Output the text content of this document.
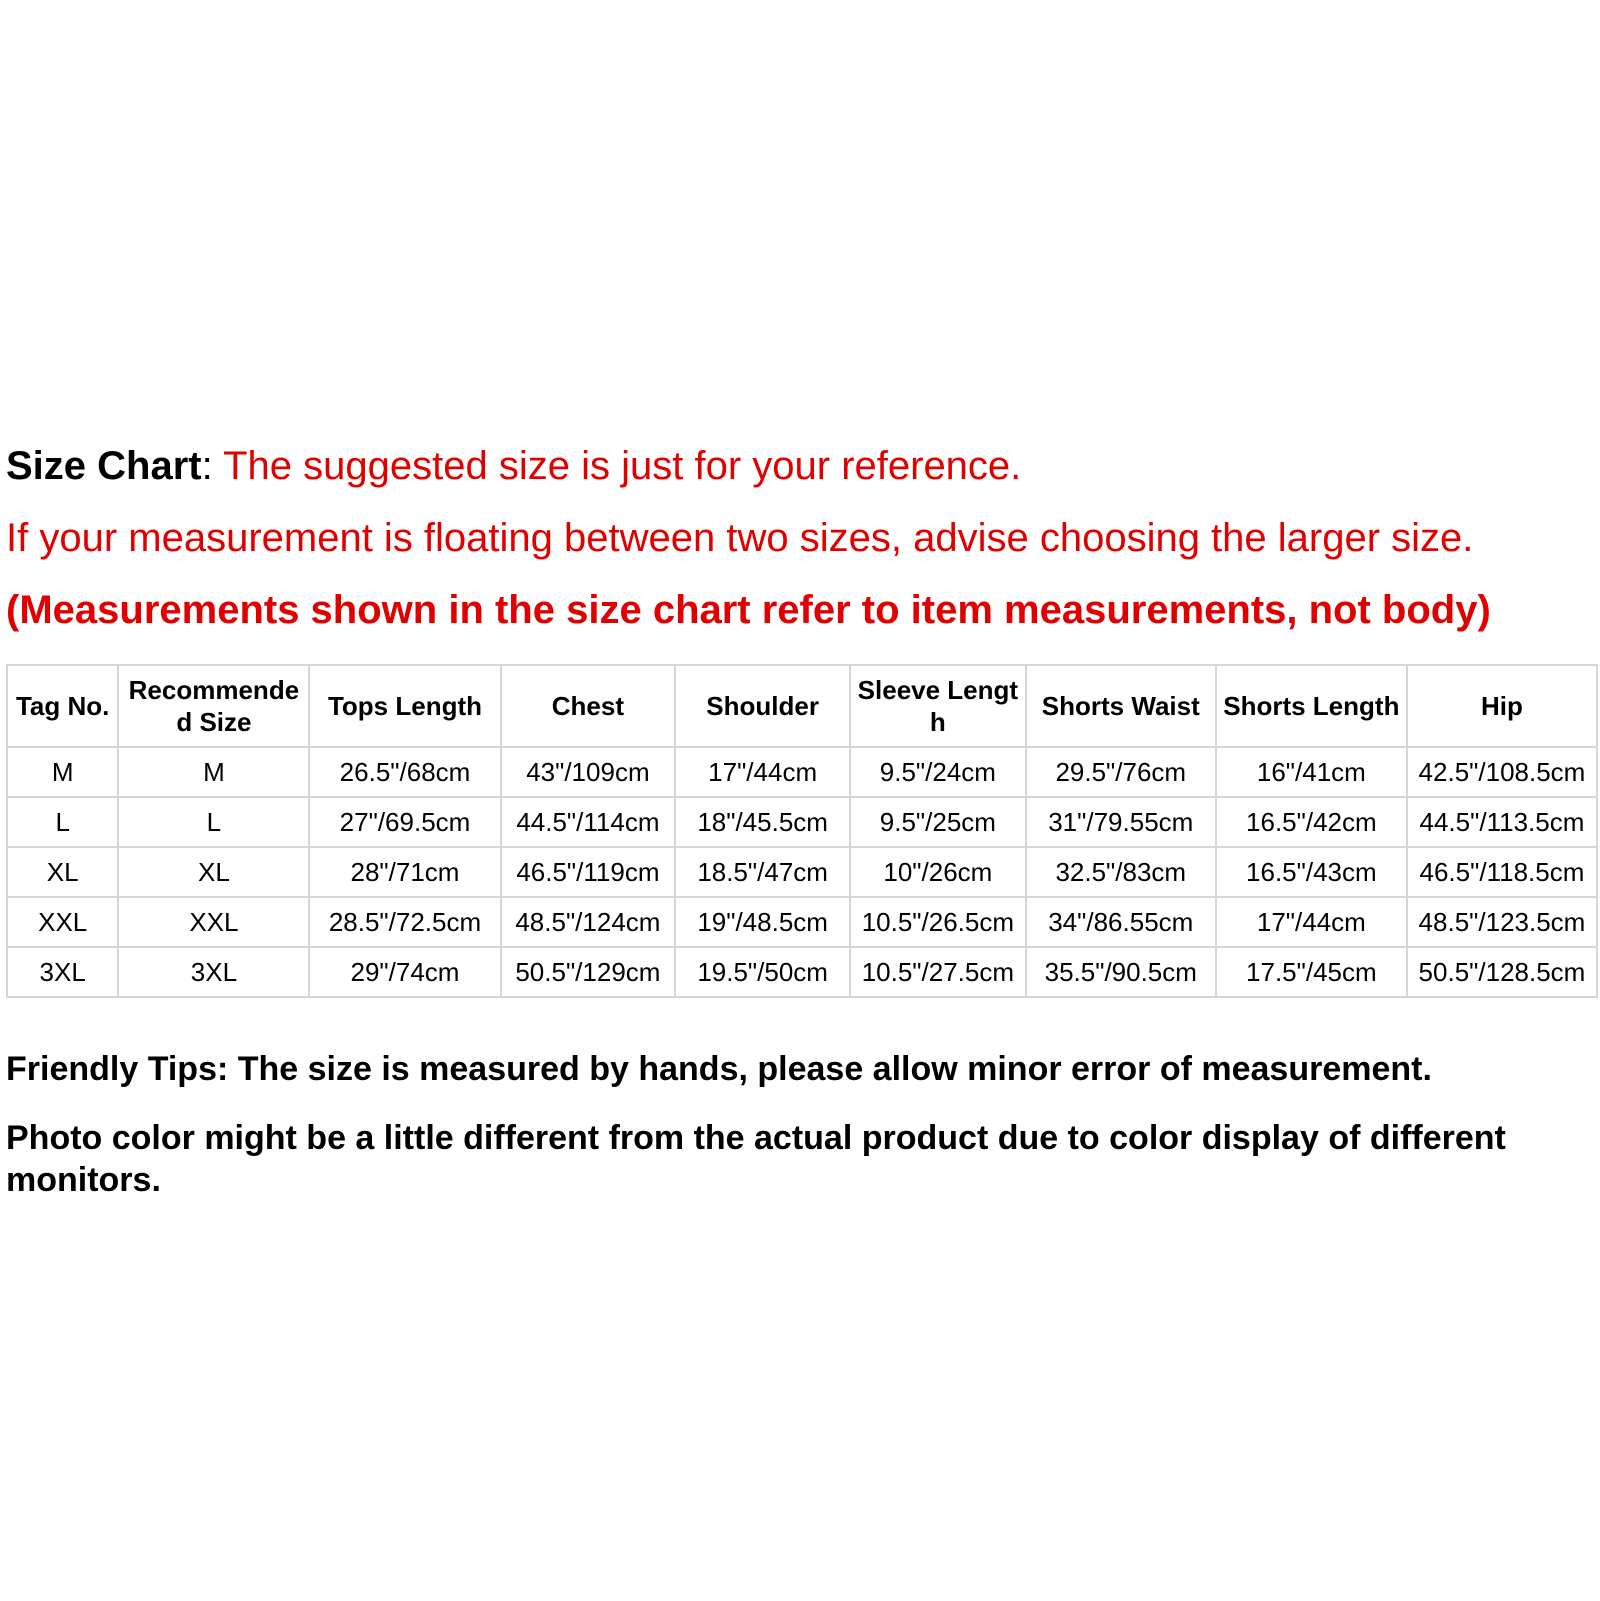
Size Chart: The suggested size is just for your reference.
If your measurement is floating between two sizes, advise choosing the larger size.
(Measurements shown in the size chart refer to item measurements, not body)
Tag No.	Recommended Size	Tops Length	Chest	Shoulder	Sleeve Length	Shorts Waist	Shorts Length	Hip
M	M	26.5"/68cm	43"/109cm	17"/44cm	9.5"/24cm	29.5"/76cm	16"/41cm	42.5"/108.5cm
L	L	27"/69.5cm	44.5"/114cm	18"/45.5cm	9.5"/25cm	31"/79.55cm	16.5"/42cm	44.5"/113.5cm
XL	XL	28"/71cm	46.5"/119cm	18.5"/47cm	10"/26cm	32.5"/83cm	16.5"/43cm	46.5"/118.5cm
XXL	XXL	28.5"/72.5cm	48.5"/124cm	19"/48.5cm	10.5"/26.5cm	34"/86.55cm	17"/44cm	48.5"/123.5cm
3XL	3XL	29"/74cm	50.5"/129cm	19.5"/50cm	10.5"/27.5cm	35.5"/90.5cm	17.5"/45cm	50.5"/128.5cm
Friendly Tips: The size is measured by hands, please allow minor error of measurement.
Photo color might be a little different from the actual product due to color display of different monitors.
